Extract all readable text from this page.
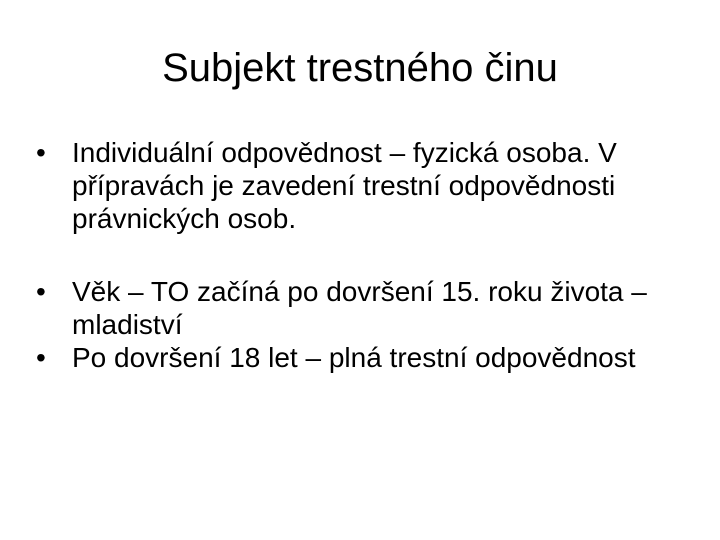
Subjekt trestného činu
• Individuální odpovědnost – fyzická osoba. V přípravách je zavedení trestní odpovědnosti právnických osob.
• Věk – TO začíná po dovršení 15. roku života – mladiství
• Po dovršení 18 let – plná trestní odpovědnost
